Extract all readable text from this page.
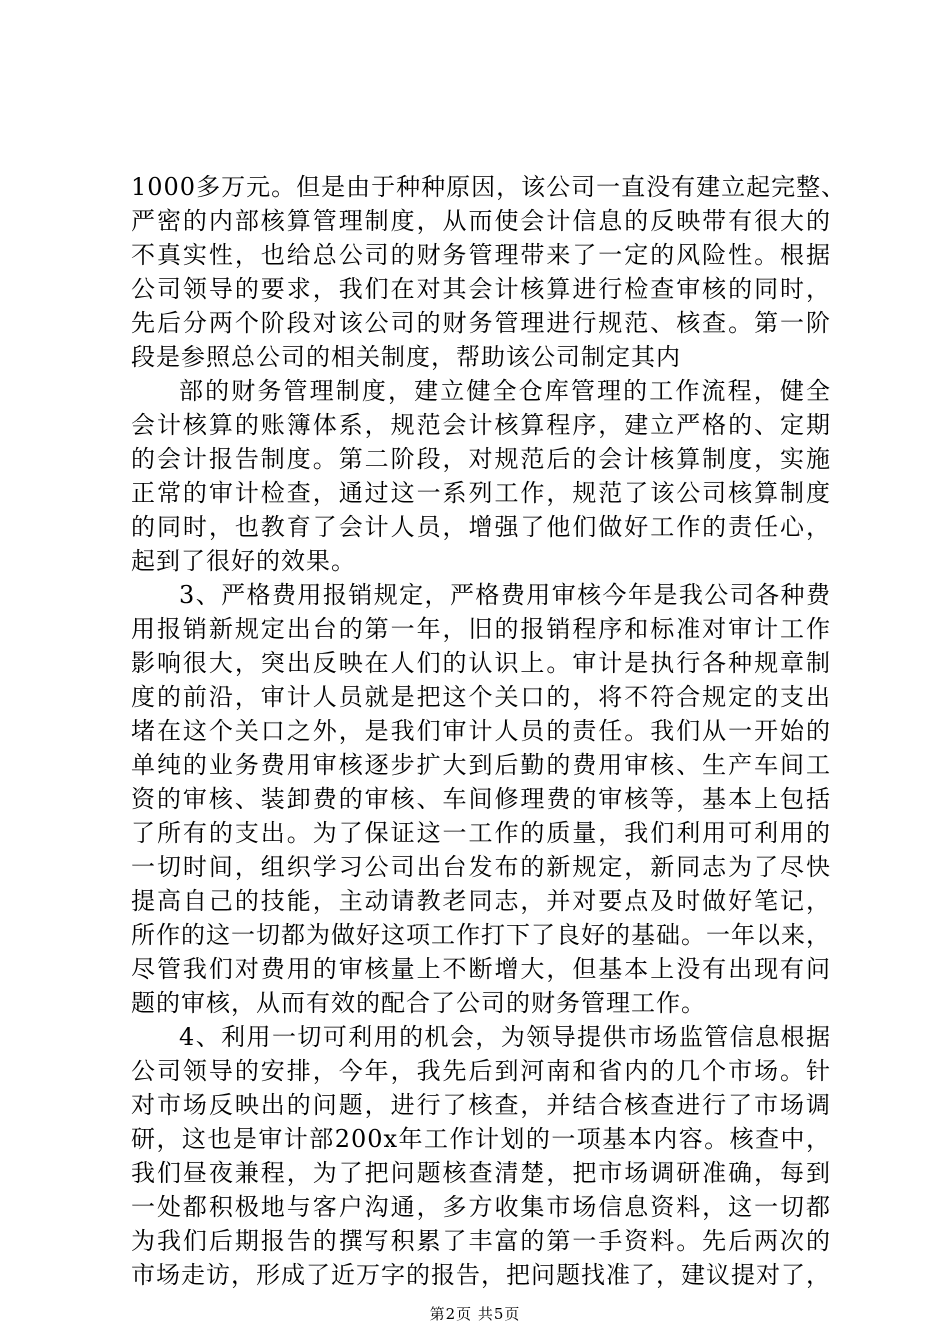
1000多万元。但是由于种种原因，该公司一直没有建立起完整、
严密的内部核算管理制度，从而使会计信息的反映带有很大的
不真实性，也给总公司的财务管理带来了一定的风险性。根据
公司领导的要求，我们在对其会计核算进行检查审核的同时，
先后分两个阶段对该公司的财务管理进行规范、核查。第一阶
段是参照总公司的相关制度，帮助该公司制定其内
部的财务管理制度，建立健全仓库管理的工作流程，健全
会计核算的账簿体系，规范会计核算程序，建立严格的、定期
的会计报告制度。第二阶段，对规范后的会计核算制度，实施
正常的审计检查，通过这一系列工作，规范了该公司核算制度
的同时，也教育了会计人员，增强了他们做好工作的责任心，
起到了很好的效果。
3、严格费用报销规定，严格费用审核今年是我公司各种费
用报销新规定出台的第一年，旧的报销程序和标准对审计工作
影响很大，突出反映在人们的认识上。审计是执行各种规章制
度的前沿，审计人员就是把这个关口的，将不符合规定的支出
堵在这个关口之外，是我们审计人员的责任。我们从一开始的
单纯的业务费用审核逐步扩大到后勤的费用审核、生产车间工
资的审核、装卸费的审核、车间修理费的审核等，基本上包括
了所有的支出。为了保证这一工作的质量，我们利用可利用的
一切时间，组织学习公司出台发布的新规定，新同志为了尽快
提高自己的技能，主动请教老同志，并对要点及时做好笔记，
所作的这一切都为做好这项工作打下了良好的基础。一年以来，
尽管我们对费用的审核量上不断增大，但基本上没有出现有问
题的审核，从而有效的配合了公司的财务管理工作。
4、利用一切可利用的机会，为领导提供市场监管信息根据
公司领导的安排，今年，我先后到河南和省内的几个市场。针
对市场反映出的问题，进行了核查，并结合核查进行了市场调
研，这也是审计部200x年工作计划的一项基本内容。核查中，
我们昼夜兼程，为了把问题核查清楚，把市场调研准确，每到
一处都积极地与客户沟通，多方收集市场信息资料，这一切都
为我们后期报告的撰写积累了丰富的第一手资料。先后两次的
市场走访，形成了近万字的报告，把问题找准了，建议提对了，
第2页 共5页
